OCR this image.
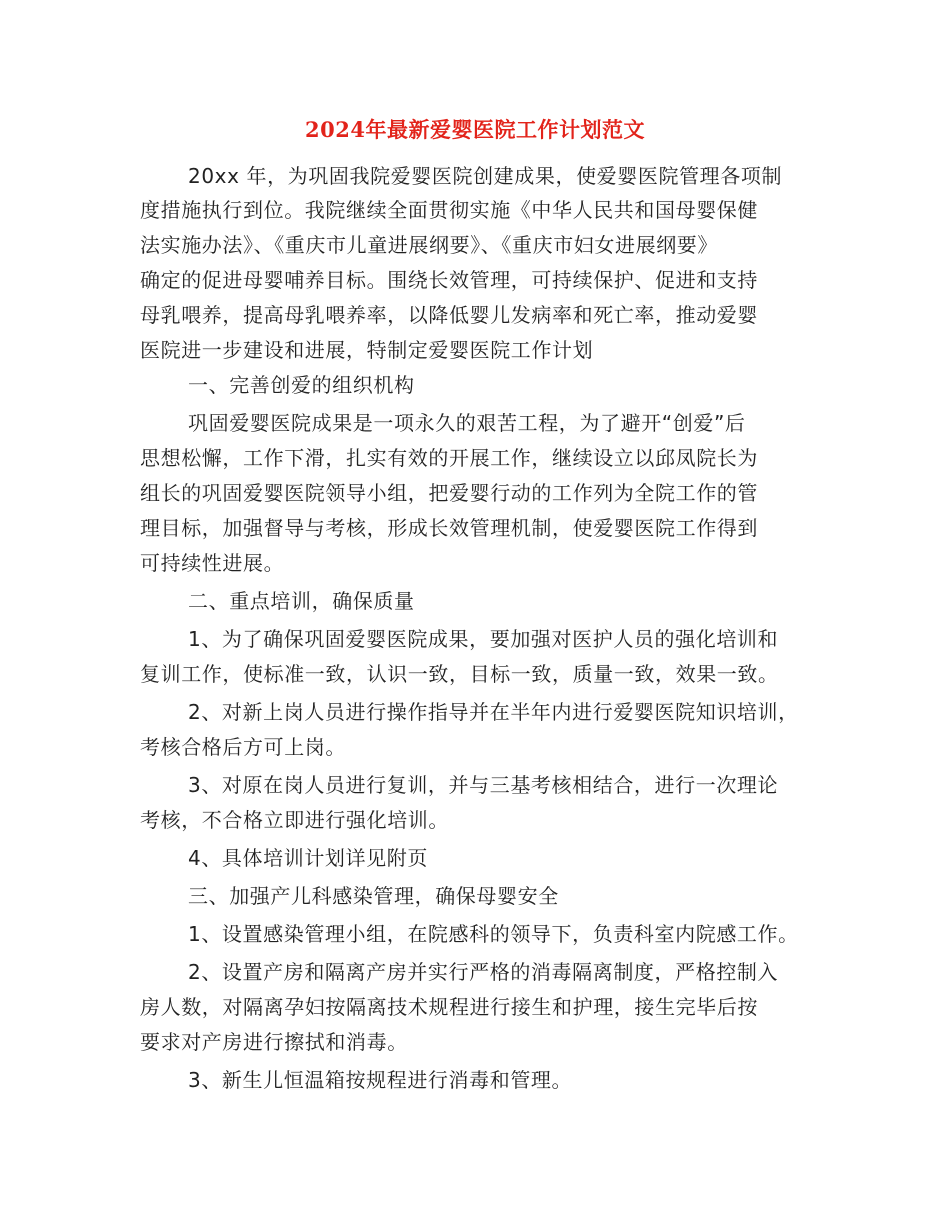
2024年最新爱婴医院工作计划范文
20xx 年，为巩固我院爱婴医院创建成果，使爱婴医院管理各项制
度措施执行到位。我院继续全面贯彻实施《中华人民共和国母婴保健
法实施办法》、《重庆市儿童进展纲要》、《重庆市妇女进展纲要》
确定的促进母婴哺养目标。围绕长效管理，可持续保护、促进和支持
母乳喂养，提高母乳喂养率，以降低婴儿发病率和死亡率，推动爱婴
医院进一步建设和进展，特制定爱婴医院工作计划
一、完善创爱的组织机构
巩固爱婴医院成果是一项永久的艰苦工程，为了避开“创爱”后
思想松懈，工作下滑，扎实有效的开展工作，继续设立以邱凤院长为
组长的巩固爱婴医院领导小组，把爱婴行动的工作列为全院工作的管
理目标，加强督导与考核，形成长效管理机制，使爱婴医院工作得到
可持续性进展。
二、重点培训，确保质量
1、为了确保巩固爱婴医院成果，要加强对医护人员的强化培训和
复训工作，使标准一致，认识一致，目标一致，质量一致，效果一致。
2、对新上岗人员进行操作指导并在半年内进行爱婴医院知识培训，
考核合格后方可上岗。
3、对原在岗人员进行复训，并与三基考核相结合，进行一次理论
考核，不合格立即进行强化培训。
4、具体培训计划详见附页
三、加强产儿科感染管理，确保母婴安全
1、设置感染管理小组，在院感科的领导下，负责科室内院感工作。
2、设置产房和隔离产房并实行严格的消毒隔离制度，严格控制入
房人数，对隔离孕妇按隔离技术规程进行接生和护理，接生完毕后按
要求对产房进行擦拭和消毒。
3、新生儿恒温箱按规程进行消毒和管理。
